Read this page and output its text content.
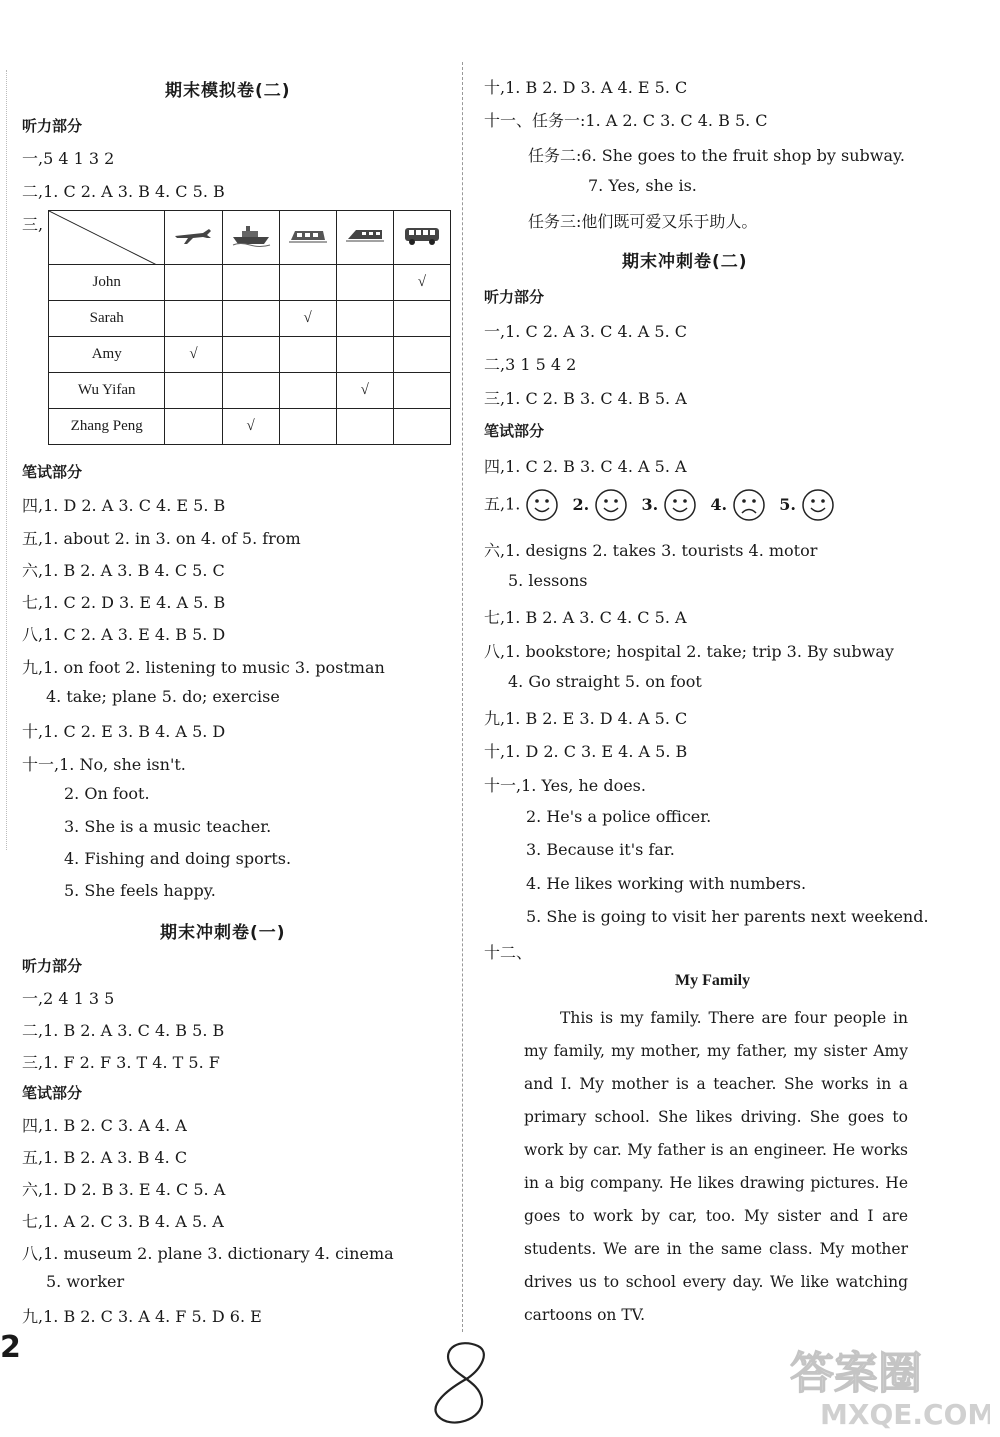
期末模拟卷(二)
听力部分
一,5 4 1 3 2
二,1. C 2. A 3. B 4. C 5. B
三,

John					√
Sarah			√		
Amy	√				
Wu Yifan				√	
Zhang Peng		√			
笔试部分
四,1. D 2. A 3. C 4. E 5. B
五,1. about 2. in 3. on 4. of 5. from
六,1. B 2. A 3. B 4. C 5. C
七,1. C 2. D 3. E 4. A 5. B
八,1. C 2. A 3. E 4. B 5. D
九,1. on foot 2. listening to music 3. postman
4. take; plane 5. do; exercise
十,1. C 2. E 3. B 4. A 5. D
十一,1. No, she isn't.
2. On foot.
3. She is a music teacher.
4. Fishing and doing sports.
5. She feels happy.
期末冲刺卷(一)
听力部分
一,2 4 1 3 5
二,1. B 2. A 3. C 4. B 5. B
三,1. F 2. F 3. T 4. T 5. F
笔试部分
四,1. B 2. C 3. A 4. A
五,1. B 2. A 3. B 4. C
六,1. D 2. B 3. E 4. C 5. A
七,1. A 2. C 3. B 4. A 5. A
八,1. museum 2. plane 3. dictionary 4. cinema
5. worker
九,1. B 2. C 3. A 4. F 5. D 6. E
十,1. B 2. D 3. A 4. E 5. C
十一、任务一:1. A 2. C 3. C 4. B 5. C
任务二:6. She goes to the fruit shop by subway.
7. Yes, she is.
任务三:他们既可爱又乐于助人。
期末冲刺卷(二)
听力部分
一,1. C 2. A 3. C 4. A 5. C
二,3 1 5 4 2
三,1. C 2. B 3. C 4. B 5. A
笔试部分
四,1. C 2. B 3. C 4. A 5. A
五,1.	2.	3.	4.	5.
六,1. designs 2. takes 3. tourists 4. motor
5. lessons
七,1. B 2. A 3. C 4. C 5. A
八,1. bookstore; hospital 2. take; trip 3. By subway
4. Go straight 5. on foot
九,1. B 2. E 3. D 4. A 5. C
十,1. D 2. C 3. E 4. A 5. B
十一,1. Yes, he does.
2. He's a police officer.
3. Because it's far.
4. He likes working with numbers.
5. She is going to visit her parents next weekend.
十二、
My Family
This is my family. There are four people in my family, my mother, my father, my sister Amy and I. My mother is a teacher. She works in a primary school. She likes driving. She goes to work by car. My father is an engineer. He works in a big company. He likes drawing pictures. He goes to work by car, too. My sister and I are students. We are in the same class. My mother drives us to school every day. We like watching cartoons on TV.
2
答案圈
MXQE.COM
